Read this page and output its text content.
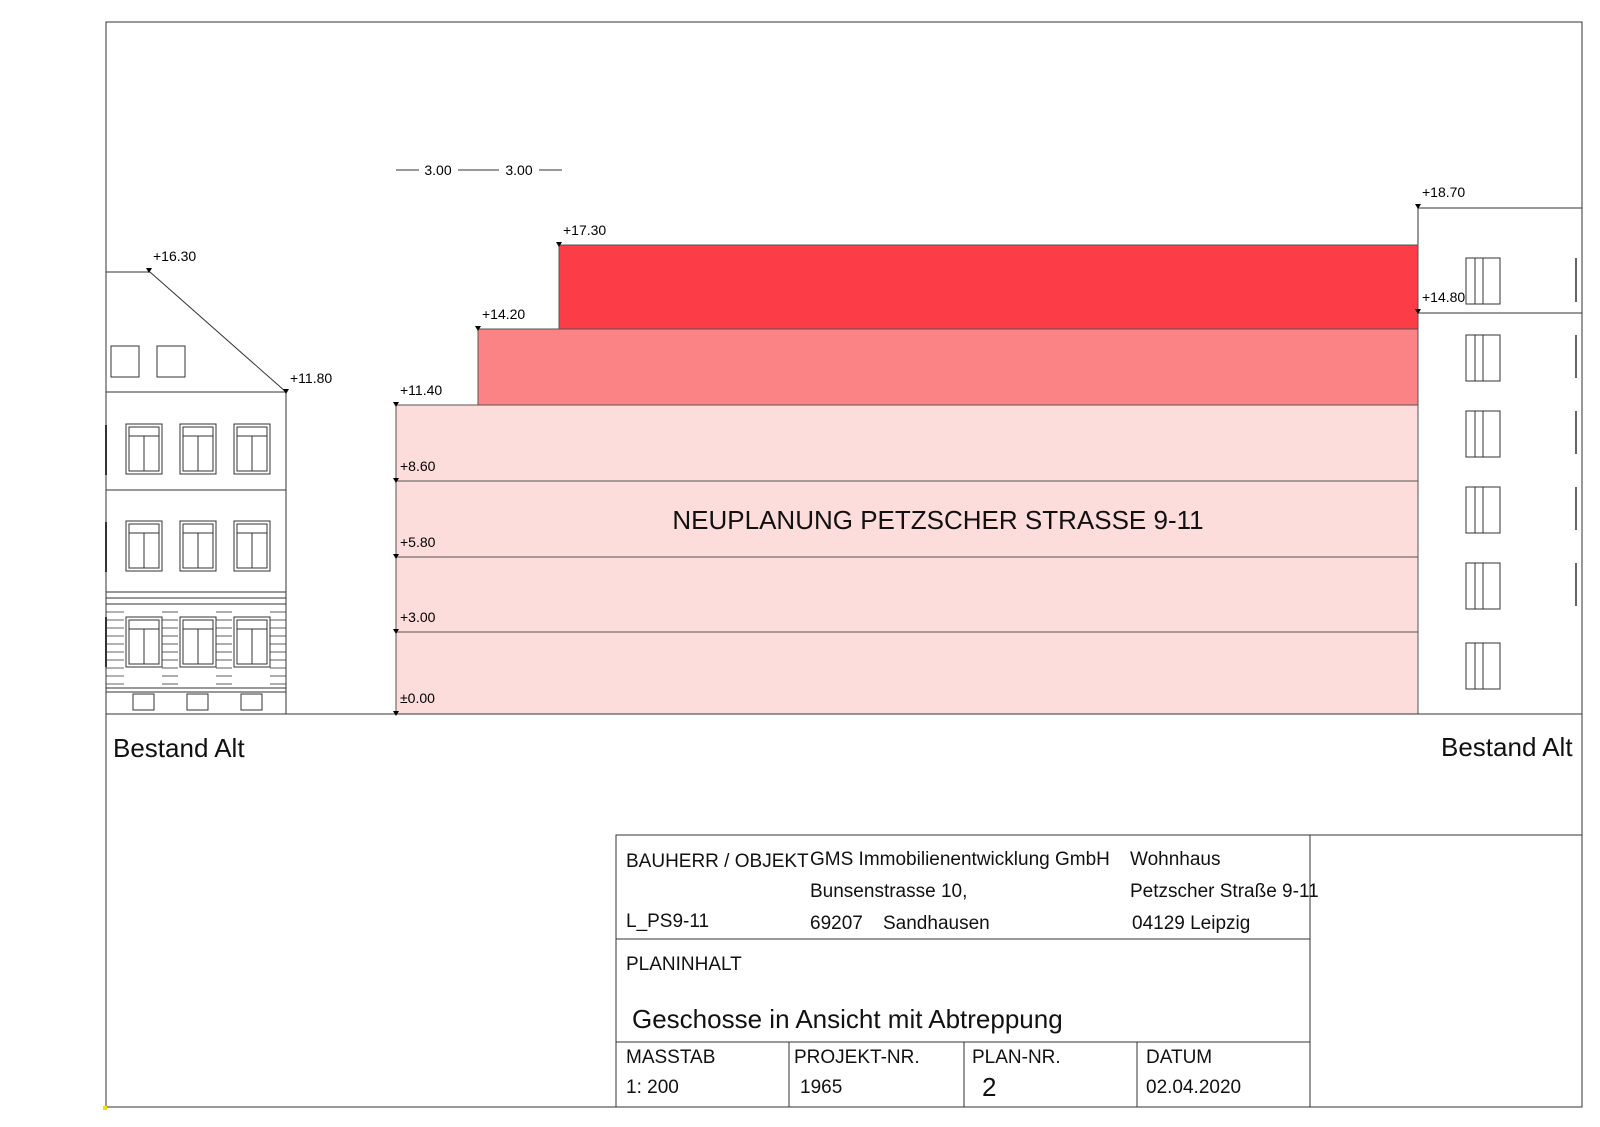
NEUPLANUNG PETZSCHER STRASSE 9-11
±0.00
+3.00
+5.80
+8.60
+11.40
+14.20
+17.30
+16.30
+11.80
+18.70
+14.80
3.00	3.00
Bestand Alt	Bestand Alt
BAUHERR / OBJEKT
L_PS9-11
GMS Immobilienentwicklung GmbH
Bunsenstrasse 10,
69207 Sandhausen
Wohnhaus
Petzscher Straße 9-11
04129 Leipzig
PLANINHALT
Geschosse in Ansicht mit Abtreppung
MASSTAB
1: 200
PROJEKT-NR.
1965
PLAN-NR.
2
DATUM
02.04.2020
